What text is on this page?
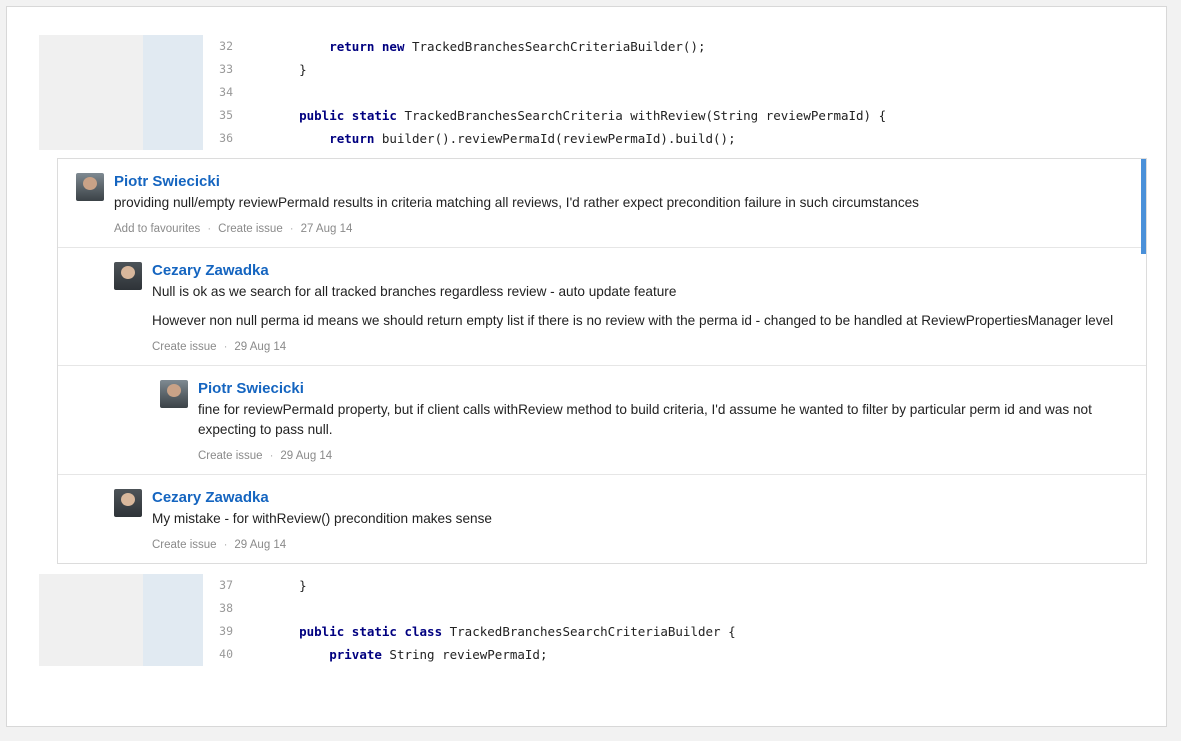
32	return new TrackedBranchesSearchCriteriaBuilder();
33	}
34
35	public static TrackedBranchesSearchCriteria withReview(String reviewPermaId) {
36	return builder().reviewPermaId(reviewPermaId).build();
Piotr Swiecicki
providing null/empty reviewPermaId results in criteria matching all reviews, I'd rather expect precondition failure in such circumstances
Add to favourites · Create issue · 27 Aug 14
Cezary Zawadka
Null is ok as we search for all tracked branches regardless review - auto update feature
However non null perma id means we should return empty list if there is no review with the perma id - changed to be handled at ReviewPropertiesManager level
Create issue · 29 Aug 14
Piotr Swiecicki
fine for reviewPermaId property, but if client calls withReview method to build criteria, I'd assume he wanted to filter by particular perm id and was not expecting to pass null.
Create issue · 29 Aug 14
Cezary Zawadka
My mistake - for withReview() precondition makes sense
Create issue · 29 Aug 14
37	}
38
39	public static class TrackedBranchesSearchCriteriaBuilder {
40	private String reviewPermaId;
